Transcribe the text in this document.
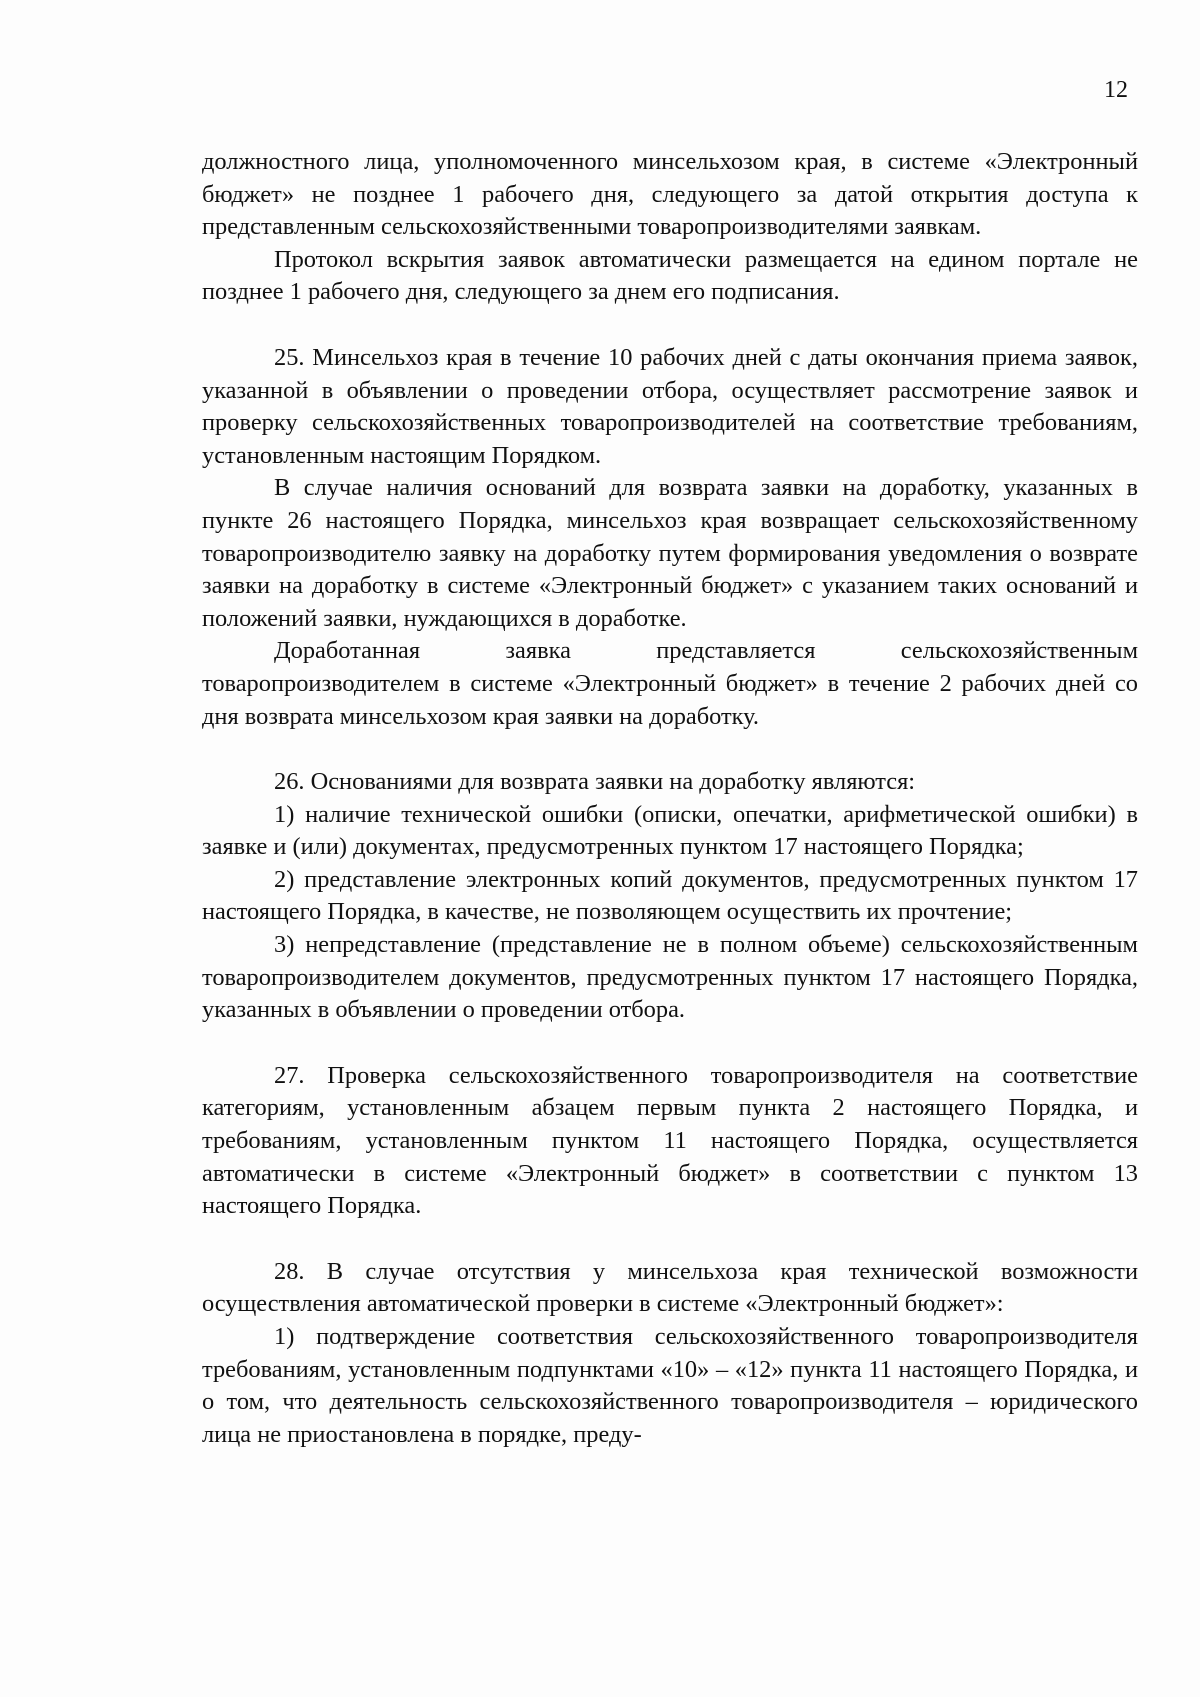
12

должностного лица, уполномоченного минсельхозом края, в системе «Электронный бюджет» не позднее 1 рабочего дня, следующего за датой открытия доступа к представленным сельскохозяйственными товаропроизводителями заявкам.

Протокол вскрытия заявок автоматически размещается на едином портале не позднее 1 рабочего дня, следующего за днем его подписания.

25. Минсельхоз края в течение 10 рабочих дней с даты окончания приема заявок, указанной в объявлении о проведении отбора, осуществляет рассмотрение заявок и проверку сельскохозяйственных товаропроизводителей на соответствие требованиям, установленным настоящим Порядком.

В случае наличия оснований для возврата заявки на доработку, указанных в пункте 26 настоящего Порядка, минсельхоз края возвращает сельскохозяйственному товаропроизводителю заявку на доработку путем формирования уведомления о возврате заявки на доработку в системе «Электронный бюджет» с указанием таких оснований и положений заявки, нуждающихся в доработке.

Доработанная заявка представляется сельскохозяйственным товаропроизводителем в системе «Электронный бюджет» в течение 2 рабочих дней со дня возврата минсельхозом края заявки на доработку.

26. Основаниями для возврата заявки на доработку являются:

1) наличие технической ошибки (описки, опечатки, арифметической ошибки) в заявке и (или) документах, предусмотренных пунктом 17 настоящего Порядка;

2) представление электронных копий документов, предусмотренных пунктом 17 настоящего Порядка, в качестве, не позволяющем осуществить их прочтение;

3) непредставление (представление не в полном объеме) сельскохозяйственным товаропроизводителем документов, предусмотренных пунктом 17 настоящего Порядка, указанных в объявлении о проведении отбора.

27. Проверка сельскохозяйственного товаропроизводителя на соответствие категориям, установленным абзацем первым пункта 2 настоящего Порядка, и требованиям, установленным пунктом 11 настоящего Порядка, осуществляется автоматически в системе «Электронный бюджет» в соответствии с пунктом 13 настоящего Порядка.

28. В случае отсутствия у минсельхоза края технической возможности осуществления автоматической проверки в системе «Электронный бюджет»:

1) подтверждение соответствия сельскохозяйственного товаропроизводителя требованиям, установленным подпунктами «10» – «12» пункта 11 настоящего Порядка, и о том, что деятельность сельскохозяйственного товаропроизводителя – юридического лица не приостановлена в порядке, преду-
